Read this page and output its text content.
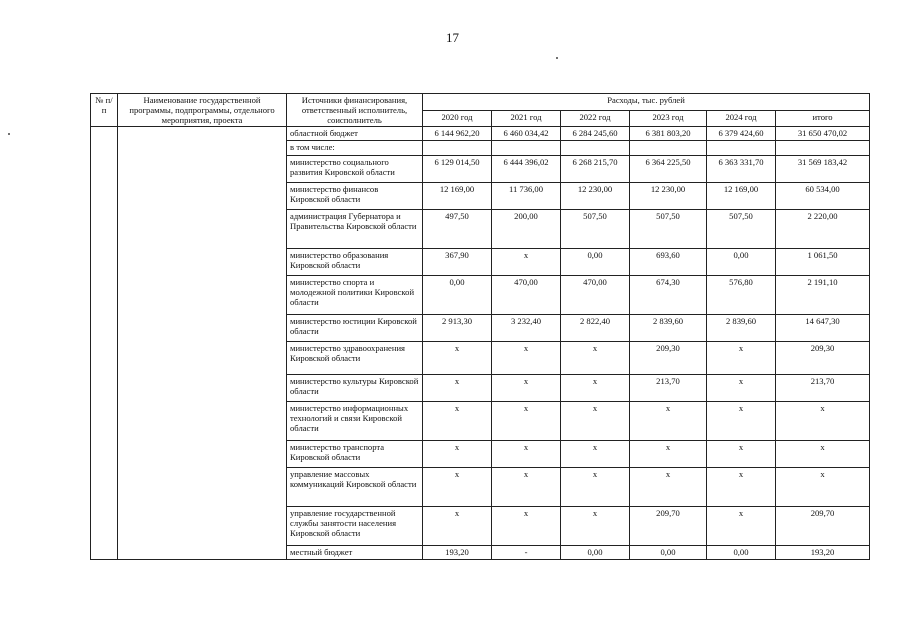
17
№ п/п	Наименование государственной программы, подпрограммы, отдельного мероприятия, проекта	Источники финансирования, ответственный исполнитель, соисполнитель	Расходы, тыс. рублей					
			2020 год	2021 год	2022 год	2023 год	2024 год	итого
		областной бюджет	6 144 962,20	6 460 034,42	6 284 245,60	6 381 803,20	6 379 424,60	31 650 470,02
		в том числе:						
		министерство социального развития Кировской области	6 129 014,50	6 444 396,02	6 268 215,70	6 364 225,50	6 363 331,70	31 569 183,42
		министерство финансов Кировской области	12 169,00	11 736,00	12 230,00	12 230,00	12 169,00	60 534,00
		администрация Губернатора и Правительства Кировской области	497,50	200,00	507,50	507,50	507,50	2 220,00
		министерство образования Кировской области	367,90	х	0,00	693,60	0,00	1 061,50
		министерство спорта и молодежной политики Кировской области	0,00	470,00	470,00	674,30	576,80	2 191,10
		министерство юстиции Кировской области	2 913,30	3 232,40	2 822,40	2 839,60	2 839,60	14 647,30
		министерство здравоохранения Кировской области	х	х	х	209,30	х	209,30
		министерство культуры Кировской области	х	х	х	213,70	х	213,70
		министерство информационных технологий и связи Кировской области	х	х	х	х	х	х
		министерство транспорта Кировской области	х	х	х	х	х	х
		управление массовых коммуникаций Кировской области	х	х	х	х	х	х
		управление государственной службы занятости населения Кировской области	х	х	х	209,70	х	209,70
		местный бюджет	193,20	-	0,00	0,00	0,00	193,20
